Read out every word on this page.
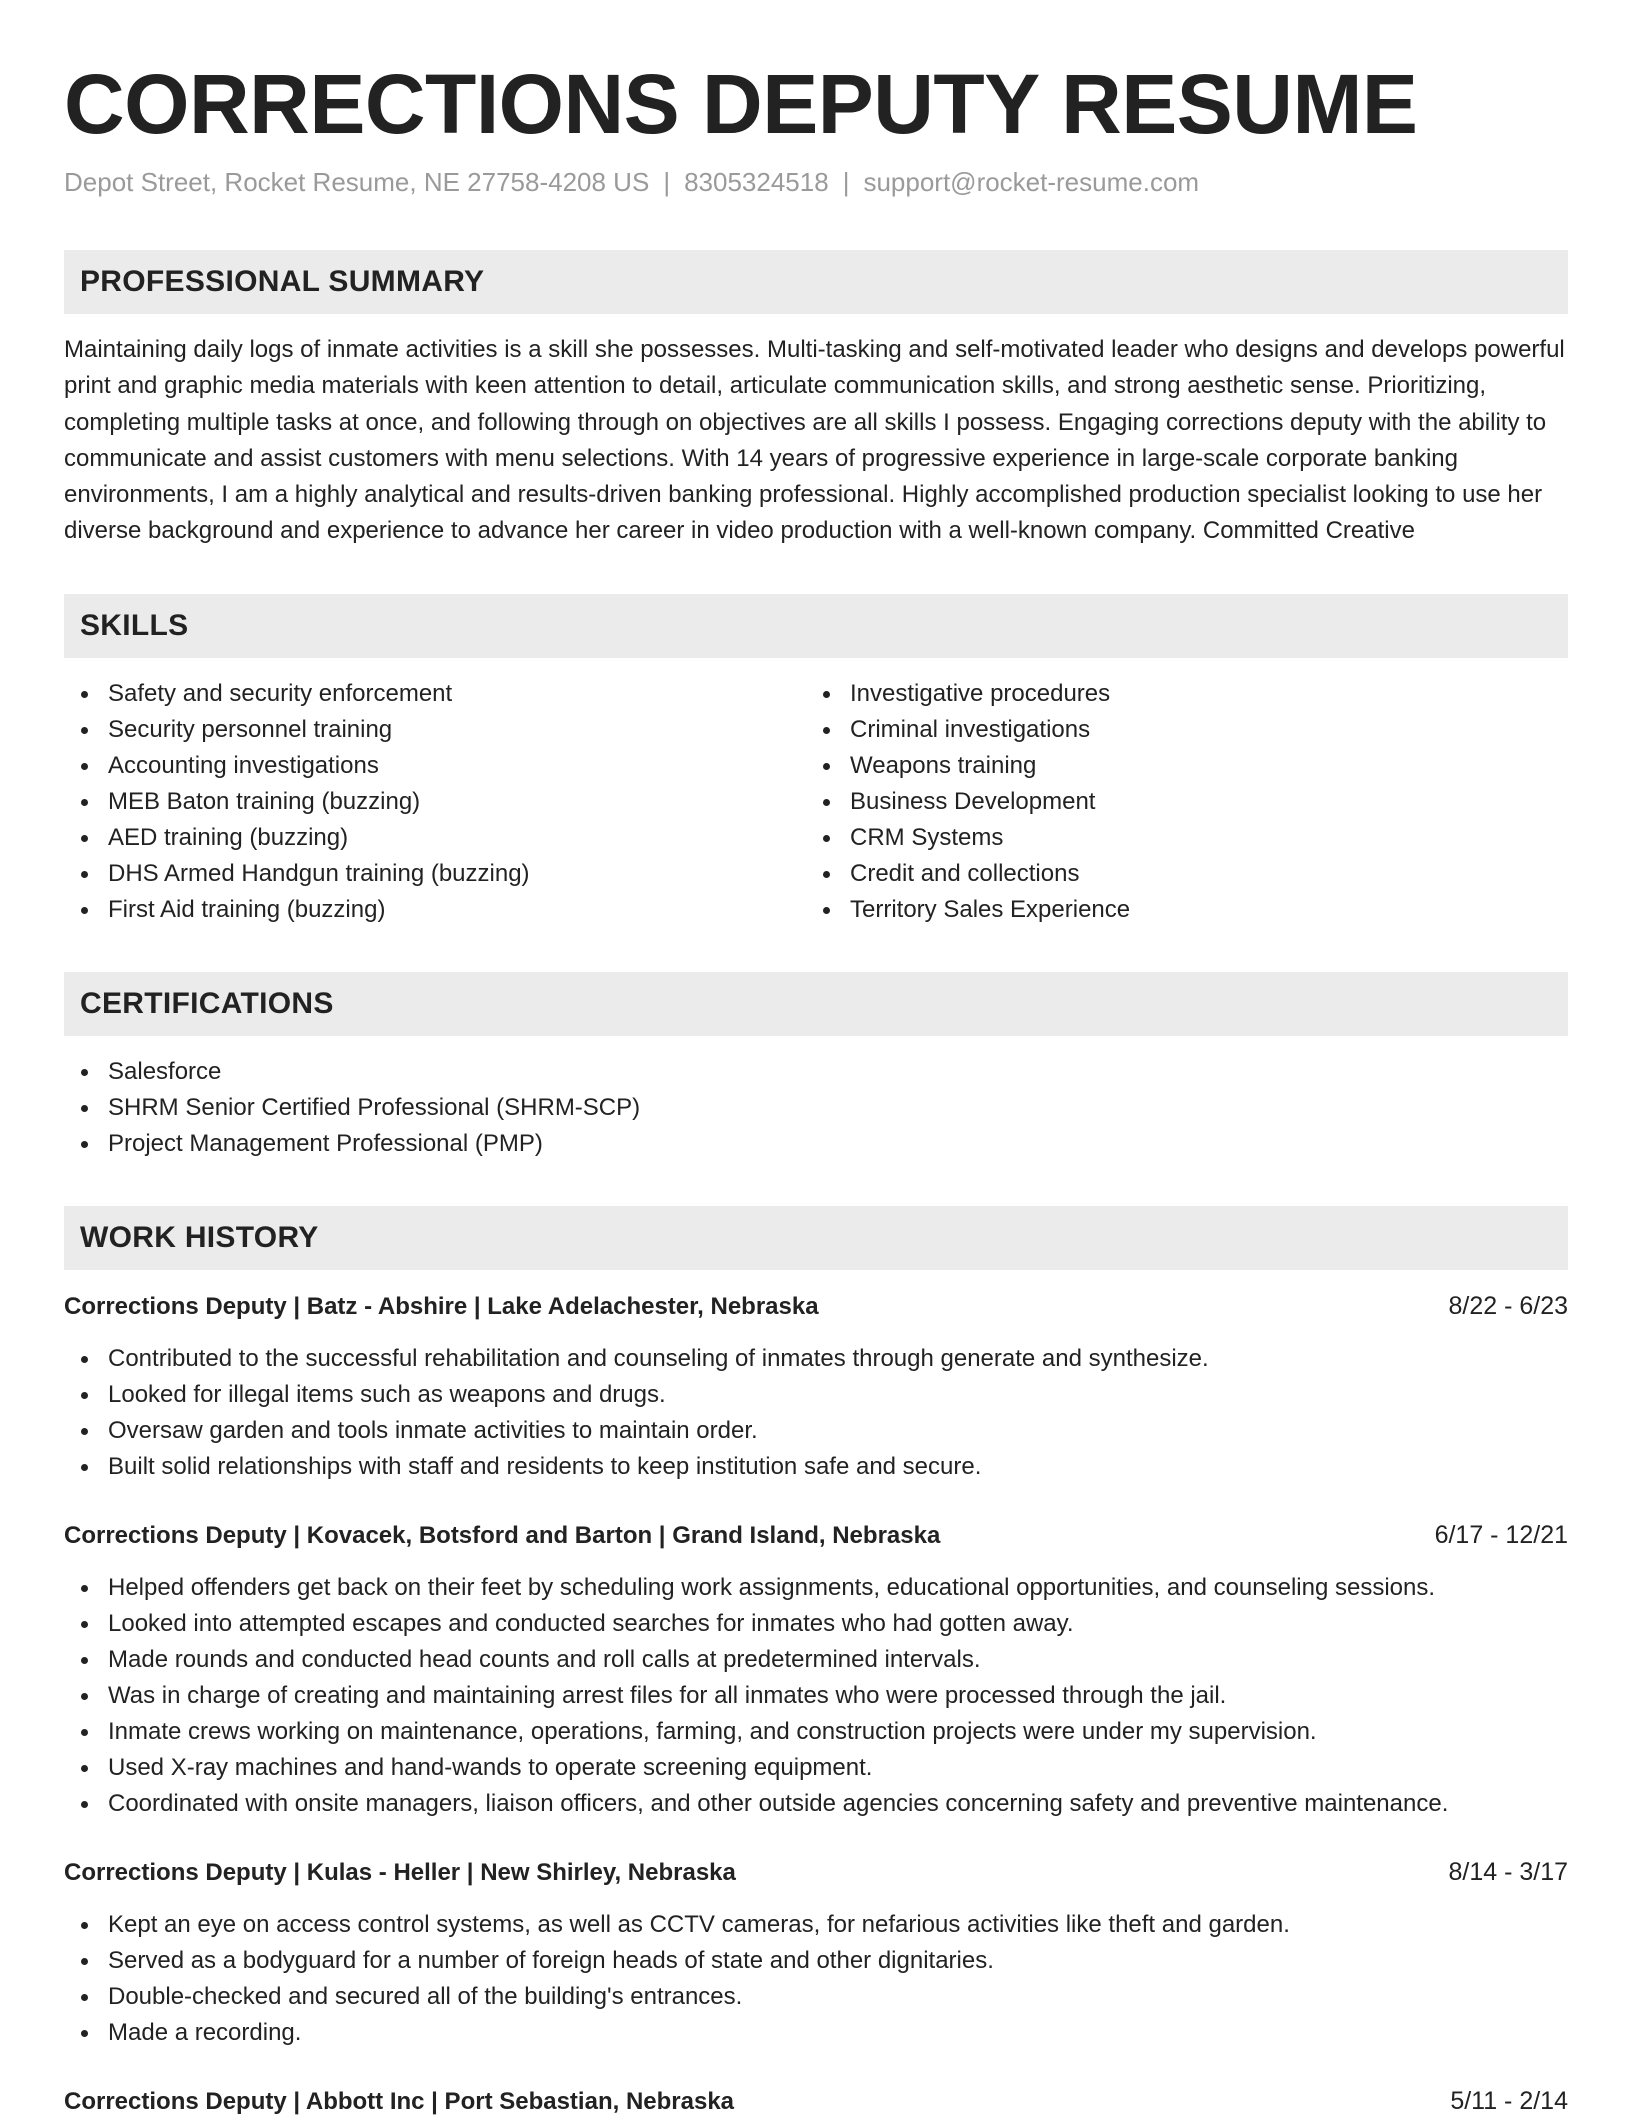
CORRECTIONS DEPUTY RESUME
Depot Street, Rocket Resume, NE 27758-4208 US | 8305324518 | support@rocket-resume.com
PROFESSIONAL SUMMARY

Maintaining daily logs of inmate activities is a skill she possesses. Multi-tasking and self-motivated leader who designs and develops powerful print and graphic media materials with keen attention to detail, articulate communication skills, and strong aesthetic sense. Prioritizing, completing multiple tasks at once, and following through on objectives are all skills I possess. Engaging corrections deputy with the ability to communicate and assist customers with menu selections. With 14 years of progressive experience in large-scale corporate banking environments, I am a highly analytical and results-driven banking professional. Highly accomplished production specialist looking to use her diverse background and experience to advance her career in video production with a well-known company. Committed Creative

SKILLS
Safety and security enforcement
Security personnel training
Accounting investigations
MEB Baton training (buzzing)
AED training (buzzing)
DHS Armed Handgun training (buzzing)
First Aid training (buzzing)
Investigative procedures
Criminal investigations
Weapons training
Business Development
CRM Systems
Credit and collections
Territory Sales Experience
CERTIFICATIONS
Salesforce
SHRM Senior Certified Professional (SHRM-SCP)
Project Management Professional (PMP)
WORK HISTORY
Corrections Deputy | Batz - Abshire | Lake Adelachester, Nebraska	8/22 - 6/23
Contributed to the successful rehabilitation and counseling of inmates through generate and synthesize.
Looked for illegal items such as weapons and drugs.
Oversaw garden and tools inmate activities to maintain order.
Built solid relationships with staff and residents to keep institution safe and secure.
Corrections Deputy | Kovacek, Botsford and Barton | Grand Island, Nebraska	6/17 - 12/21
Helped offenders get back on their feet by scheduling work assignments, educational opportunities, and counseling sessions.
Looked into attempted escapes and conducted searches for inmates who had gotten away.
Made rounds and conducted head counts and roll calls at predetermined intervals.
Was in charge of creating and maintaining arrest files for all inmates who were processed through the jail.
Inmate crews working on maintenance, operations, farming, and construction projects were under my supervision.
Used X-ray machines and hand-wands to operate screening equipment.
Coordinated with onsite managers, liaison officers, and other outside agencies concerning safety and preventive maintenance.
Corrections Deputy | Kulas - Heller | New Shirley, Nebraska	8/14 - 3/17
Kept an eye on access control systems, as well as CCTV cameras, for nefarious activities like theft and garden.
Served as a bodyguard for a number of foreign heads of state and other dignitaries.
Double-checked and secured all of the building's entrances.
Made a recording.
Corrections Deputy | Abbott Inc | Port Sebastian, Nebraska	5/11 - 2/14
